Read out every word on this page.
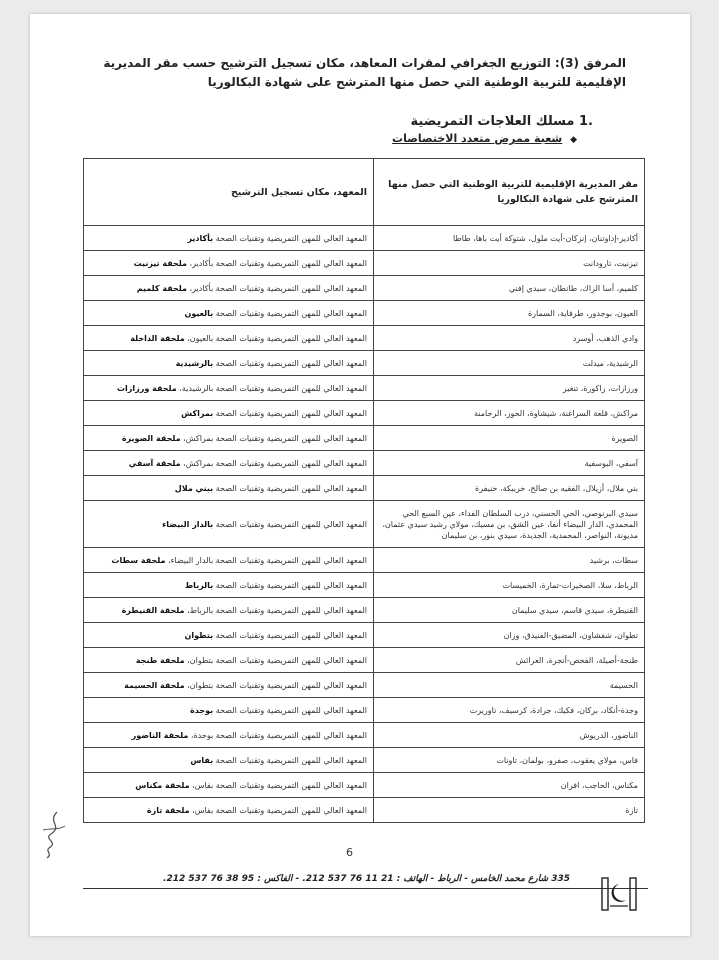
المرفق (3): التوزيع الجغرافي لمقرات المعاهد، مكان تسجيل الترشيح حسب مقر المديرية الإقليمية للتربية الوطنية التي حصل منها المترشح على شهادة البكالوريا
.1 مسلك العلاجات التمريضية
◆ شعبة ممرض متعدد الاختصاصات
مقر المديرية الإقليمية للتربية الوطنية التي حصل منها المترشح على شهادة البكالوريا	المعهد، مكان تسجيل الترشيح
أكادير-إداوتنان، إنزكان-أيت ملول، شتوكة أيت باها، طاطا	المعهد العالي للمهن التمريضية وتقنيات الصحة بأكادير
تيزنيت، تارودانت	المعهد العالي للمهن التمريضية وتقنيات الصحة بأكادير، ملحقة تيزنيت
كلميم، أسا الزاك، طانطان، سيدي إفني	المعهد العالي للمهن التمريضية وتقنيات الصحة بأكادير، ملحقة كلميم
العيون، بوجدور، طرفاية، السمارة	المعهد العالي للمهن التمريضية وتقنيات الصحة بالعيون
وادي الذهب، أوسرد	المعهد العالي للمهن التمريضية وتقنيات الصحة بالعيون، ملحقة الداخلة
الرشيدية، ميدلت	المعهد العالي للمهن التمريضية وتقنيات الصحة بالرشيدية
ورزازات، زاكورة، تنغير	المعهد العالي للمهن التمريضية وتقنيات الصحة بالرشيدية، ملحقة ورزازات
مراكش، قلعة السراغنة، شيشاوة، الحوز، الرحامنة	المعهد العالي للمهن التمريضية وتقنيات الصحة بمراكش
الصويرة	المعهد العالي للمهن التمريضية وتقنيات الصحة بمراكش، ملحقة الصويرة
آسفي، اليوسفية	المعهد العالي للمهن التمريضية وتقنيات الصحة بمراكش، ملحقة آسفي
بني ملال، أزيلال، الفقيه بن صالح، خريبكة، خنيفرة	المعهد العالي للمهن التمريضية وتقنيات الصحة ببني ملال
سيدي البرنوصي، الحي الحسني، درب السلطان الفداء، عين السبع الحي المحمدي، الدار البيضاء أنفا، عين الشق، بن مسيك، مولاي رشيد سيدي عثمان، مديونة، النواصر، المحمدية، الجديدة، سيدي بنور، بن سليمان	المعهد العالي للمهن التمريضية وتقنيات الصحة بالدار البيضاء
سطات، برشيد	المعهد العالي للمهن التمريضية وتقنيات الصحة بالدار البيضاء، ملحقة سطات
الرباط، سلا، الصخيرات-تمارة، الخميسات	المعهد العالي للمهن التمريضية وتقنيات الصحة بالرباط
القنيطرة، سيدي قاسم، سيدي سليمان	المعهد العالي للمهن التمريضية وتقنيات الصحة بالرباط، ملحقة القنيطرة
تطوان، شفشاون، المضيق-الفنيدق، وزان	المعهد العالي للمهن التمريضية وتقنيات الصحة بتطوان
طنجة-أصيلة، الفحص-أنجرة، العرائش	المعهد العالي للمهن التمريضية وتقنيات الصحة بتطوان، ملحقة طنجة
الحسيمة	المعهد العالي للمهن التمريضية وتقنيات الصحة بتطوان، ملحقة الحسيمة
وجدة-أنكاد، بركان، فكيك، جرادة، كرسيف، تاوريرت	المعهد العالي للمهن التمريضية وتقنيات الصحة بوجدة
الناضور، الدريوش	المعهد العالي للمهن التمريضية وتقنيات الصحة بوجدة، ملحقة الناضور
فاس، مولاي يعقوب، صفرو، بولمان، تاونات	المعهد العالي للمهن التمريضية وتقنيات الصحة بفاس
مكناس، الحاجب، افران	المعهد العالي للمهن التمريضية وتقنيات الصحة بفاس، ملحقة مكناس
تازة	المعهد العالي للمهن التمريضية وتقنيات الصحة بفاس، ملحقة تازة
6
335 شارع محمد الخامس - الرباط - الهاتف : 21 11 76 537 212. - الفاكس : 95 38 76 537 212.
